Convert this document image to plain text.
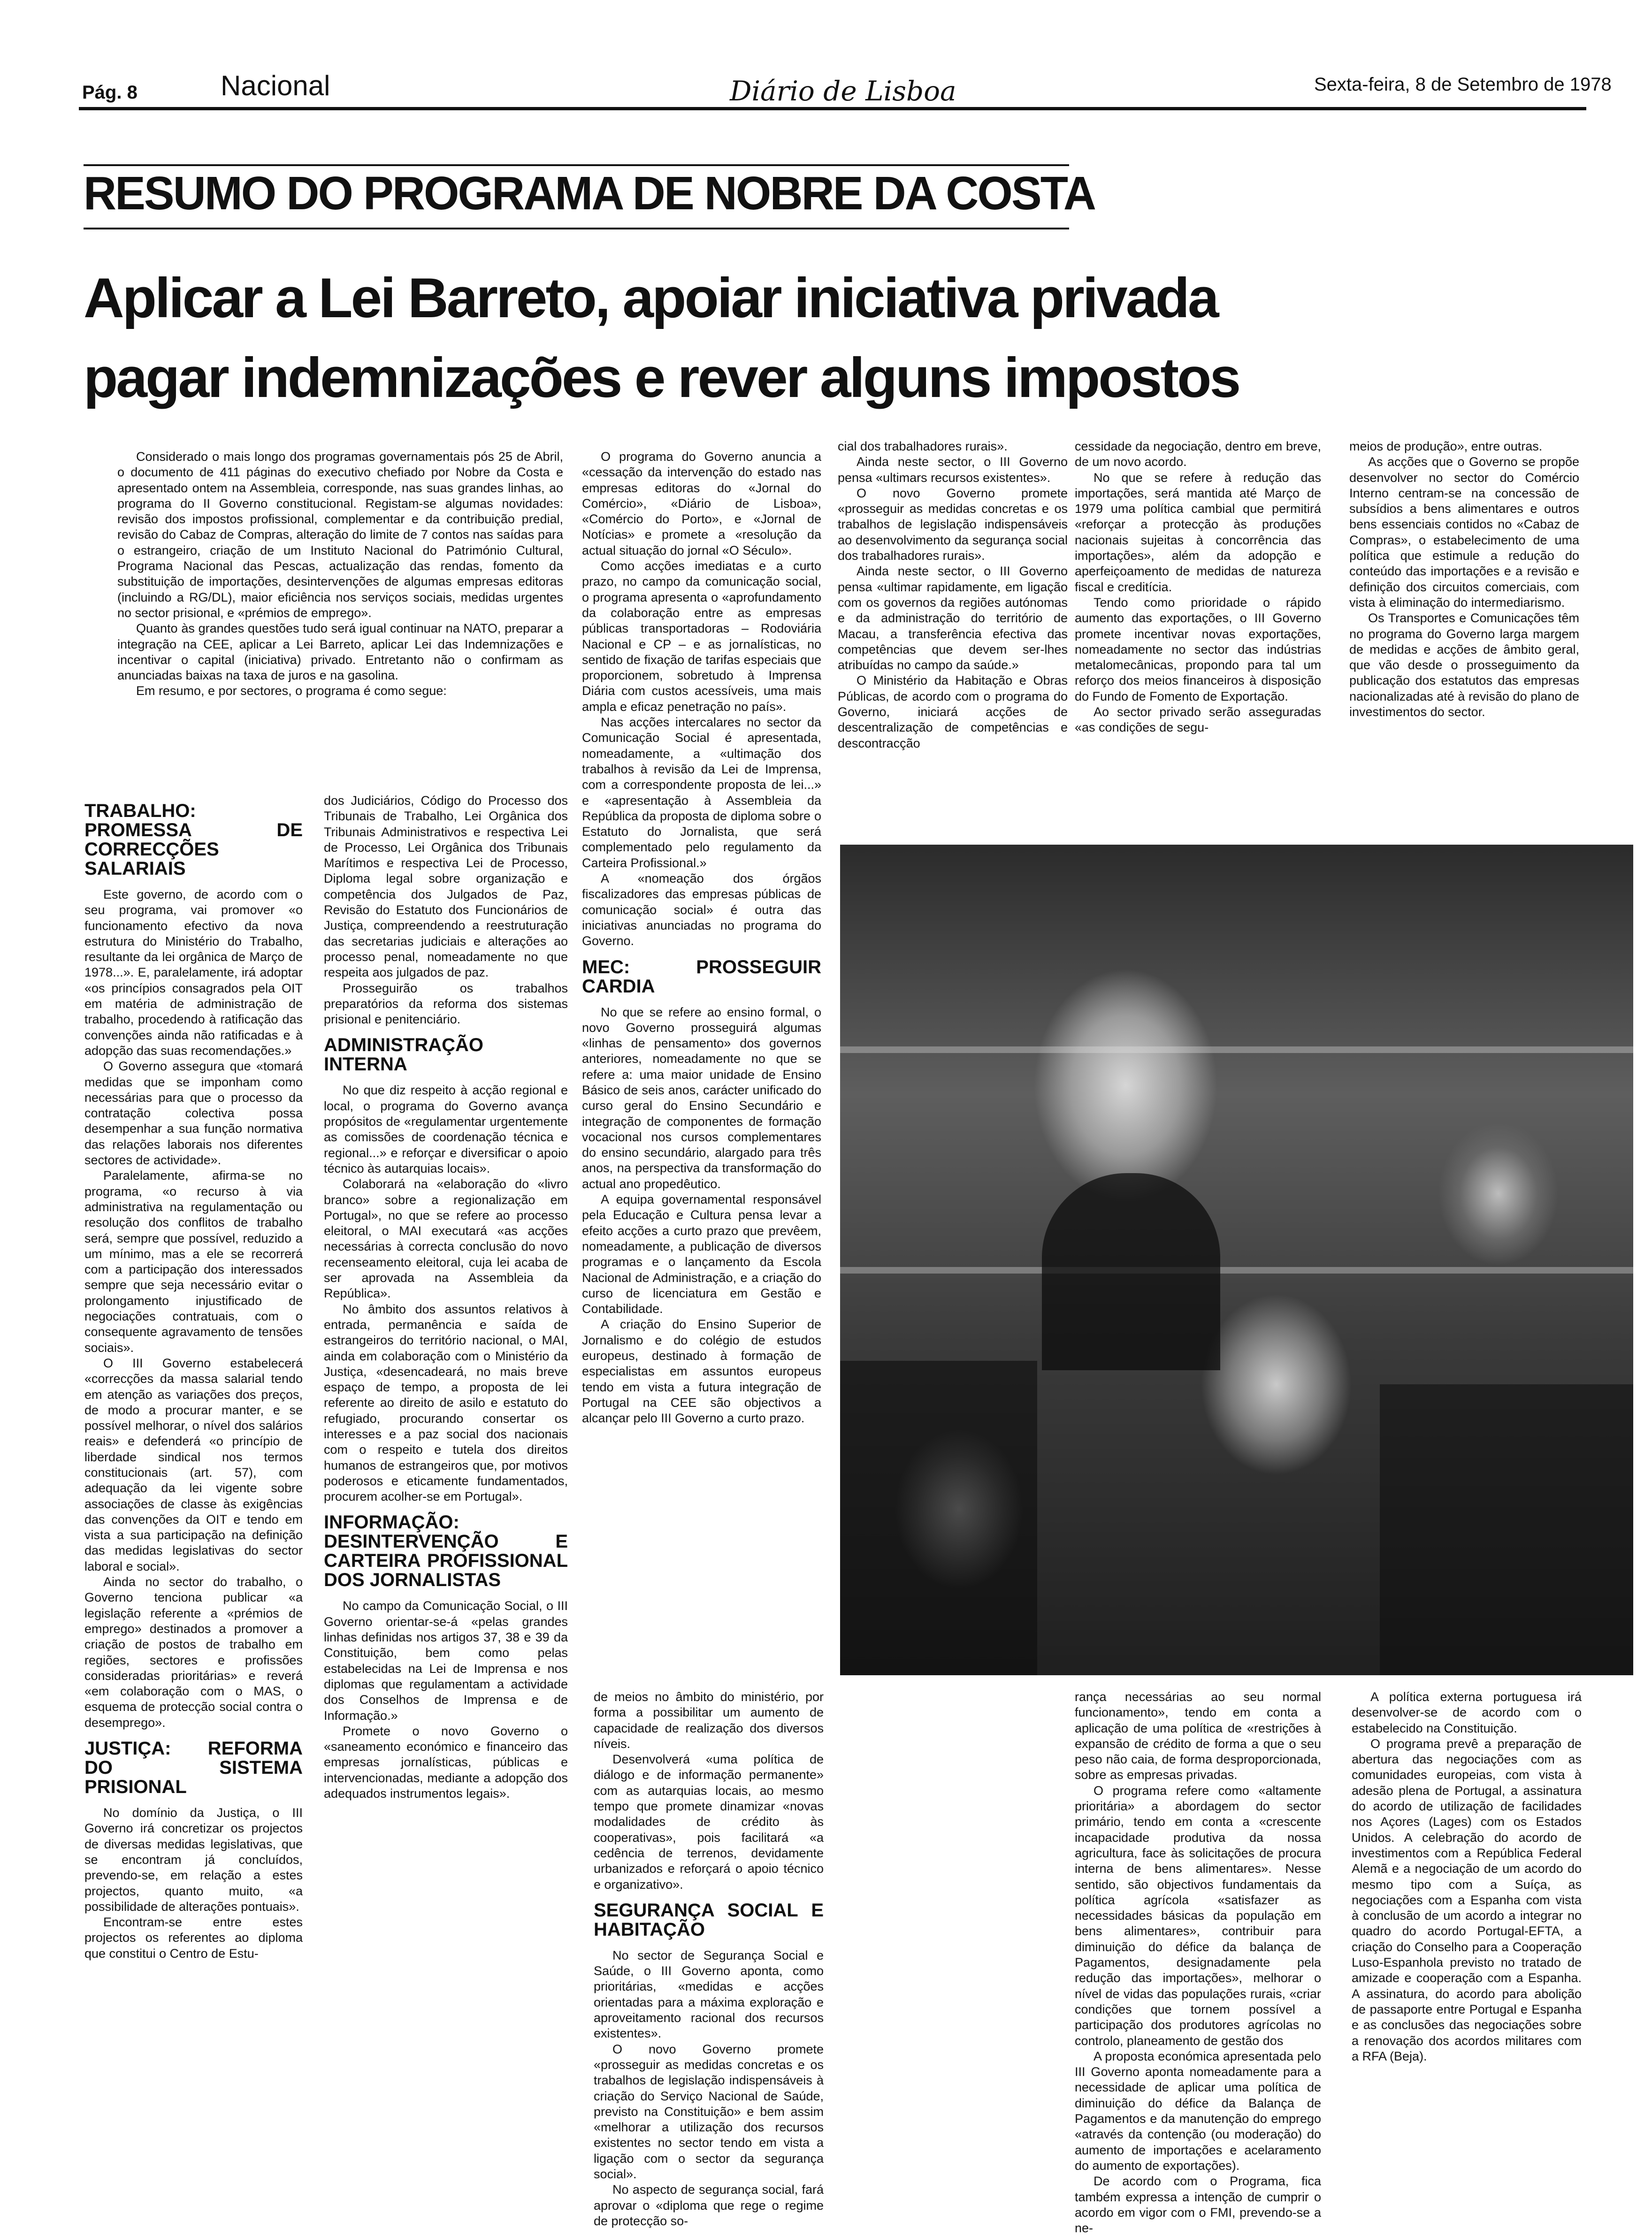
Pág. 8	Nacional	Diário de Lisboa	Sexta-feira, 8 de Setembro de 1978
RESUMO DO PROGRAMA DE NOBRE DA COSTA
Aplicar a Lei Barreto, apoiar iniciativa privada
pagar indemnizações e rever alguns impostos

Considerado o mais longo dos programas governamentais pós 25 de Abril, o documento de 411 páginas do executivo chefiado por Nobre da Costa e apresentado ontem na Assembleia, corresponde, nas suas grandes linhas, ao programa do II Governo constitucional. Registam-se algumas novidades: revisão dos impostos profissional, complementar e da contribuição predial, revisão do Cabaz de Compras, alteração do limite de 7 contos nas saídas para o estrangeiro, criação de um Instituto Nacional do Património Cultural, Programa Nacional das Pescas, actualização das rendas, fomento da substituição de importações, desintervenções de algumas empresas editoras (incluindo a RG/DL), maior eficiência nos serviços sociais, medidas urgentes no sector prisional, e «prémios de emprego».

Quanto às grandes questões tudo será igual continuar na NATO, preparar a integração na CEE, aplicar a Lei Barreto, aplicar Lei das Indemnizações e incentivar o capital (iniciativa) privado. Entretanto não o confirmam as anunciadas baixas na taxa de juros e na gasolina.

Em resumo, e por sectores, o programa é como segue:

TRABALHO: PROMESSA DE CORRECÇÕES SALARIAIS

Este governo, de acordo com o seu programa, vai promover «o funcionamento efectivo da nova estrutura do Ministério do Trabalho, resultante da lei orgânica de Março de 1978...». E, paralelamente, irá adoptar «os princípios consagrados pela OIT em matéria de administração de trabalho, procedendo à ratificação das convenções ainda não ratificadas e à adopção das suas recomendações.»

O Governo assegura que «tomará medidas que se imponham como necessárias para que o processo da contratação colectiva possa desempenhar a sua função normativa das relações laborais nos diferentes sectores de actividade».

Paralelamente, afirma-se no programa, «o recurso à via administrativa na regulamentação ou resolução dos conflitos de trabalho será, sempre que possível, reduzido a um mínimo, mas a ele se recorrerá com a participação dos interessados sempre que seja necessário evitar o prolongamento injustificado de negociações contratuais, com o consequente agravamento de tensões sociais».

O III Governo estabelecerá «correcções da massa salarial tendo em atenção as variações dos preços, de modo a procurar manter, e se possível melhorar, o nível dos salários reais» e defenderá «o princípio de liberdade sindical nos termos constitucionais (art. 57), com adequação da lei vigente sobre associações de classe às exigências das convenções da OIT e tendo em vista a sua participação na definição das medidas legislativas do sector laboral e social».

Ainda no sector do trabalho, o Governo tenciona publicar «a legislação referente a «prémios de emprego» destinados a promover a criação de postos de trabalho em regiões, sectores e profissões consideradas prioritárias» e reverá «em colaboração com o MAS, o esquema de protecção social contra o desemprego».

JUSTIÇA: REFORMA DO SISTEMA PRISIONAL

No domínio da Justiça, o III Governo irá concretizar os projectos de diversas medidas legislativas, que se encontram já concluídos, prevendo-se, em relação a estes projectos, quanto muito, «a possibilidade de alterações pontuais».

Encontram-se entre estes projectos os referentes ao diploma que constitui o Centro de Estu-

dos Judiciários, Código do Processo dos Tribunais de Trabalho, Lei Orgânica dos Tribunais Administrativos e respectiva Lei de Processo, Lei Orgânica dos Tribunais Marítimos e respectiva Lei de Processo, Diploma legal sobre organização e competência dos Julgados de Paz, Revisão do Estatuto dos Funcionários de Justiça, compreendendo a reestruturação das secretarias judiciais e alterações ao processo penal, nomeadamente no que respeita aos julgados de paz.

Prosseguirão os trabalhos preparatórios da reforma dos sistemas prisional e penitenciário.

ADMINISTRAÇÃO INTERNA

No que diz respeito à acção regional e local, o programa do Governo avança propósitos de «regulamentar urgentemente as comissões de coordenação técnica e regional...» e reforçar e diversificar o apoio técnico às autarquias locais».

Colaborará na «elaboração do «livro branco» sobre a regionalização em Portugal», no que se refere ao processo eleitoral, o MAI executará «as acções necessárias à correcta conclusão do novo recenseamento eleitoral, cuja lei acaba de ser aprovada na Assembleia da República».

No âmbito dos assuntos relativos à entrada, permanência e saída de estrangeiros do território nacional, o MAI, ainda em colaboração com o Ministério da Justiça, «desencadeará, no mais breve espaço de tempo, a proposta de lei referente ao direito de asilo e estatuto do refugiado, procurando consertar os interesses e a paz social dos nacionais com o respeito e tutela dos direitos humanos de estrangeiros que, por motivos poderosos e eticamente fundamentados, procurem acolher-se em Portugal».

INFORMAÇÃO: DESINTERVENÇÃO E CARTEIRA PROFISSIONAL DOS JORNALISTAS

No campo da Comunicação Social, o III Governo orientar-se-á «pelas grandes linhas definidas nos artigos 37, 38 e 39 da Constituição, bem como pelas estabelecidas na Lei de Imprensa e nos diplomas que regulamentam a actividade dos Conselhos de Imprensa e de Informação.»

Promete o novo Governo o «saneamento económico e financeiro das empresas jornalísticas, públicas e intervencionadas, mediante a adopção dos adequados instrumentos legais».

O programa do Governo anuncia a «cessação da intervenção do estado nas empresas editoras do «Jornal do Comércio», «Diário de Lisboa», «Comércio do Porto», e «Jornal de Notícias» e promete a «resolução da actual situação do jornal «O Século».

Como acções imediatas e a curto prazo, no campo da comunicação social, o programa apresenta o «aprofundamento da colaboração entre as empresas públicas transportadoras – Rodoviária Nacional e CP – e as jornalísticas, no sentido de fixação de tarifas especiais que proporcionem, sobretudo à Imprensa Diária com custos acessíveis, uma mais ampla e eficaz penetração no país».

Nas acções intercalares no sector da Comunicação Social é apresentada, nomeadamente, a «ultimação dos trabalhos à revisão da Lei de Imprensa, com a correspondente proposta de lei...» e «apresentação à Assembleia da República da proposta de diploma sobre o Estatuto do Jornalista, que será complementado pelo regulamento da Carteira Profissional.»

A «nomeação dos órgãos fiscalizadores das empresas públicas de comunicação social» é outra das iniciativas anunciadas no programa do Governo.

MEC: PROSSEGUIR CARDIA

No que se refere ao ensino formal, o novo Governo prosseguirá algumas «linhas de pensamento» dos governos anteriores, nomeadamente no que se refere a: uma maior unidade de Ensino Básico de seis anos, carácter unificado do curso geral do Ensino Secundário e integração de componentes de formação vocacional nos cursos complementares do ensino secundário, alargado para três anos, na perspectiva da transformação do actual ano propedêutico.

A equipa governamental responsável pela Educação e Cultura pensa levar a efeito acções a curto prazo que prevêem, nomeadamente, a publicação de diversos programas e o lançamento da Escola Nacional de Administração, e a criação do curso de licenciatura em Gestão e Contabilidade.

A criação do Ensino Superior de Jornalismo e do colégio de estudos europeus, destinado à formação de especialistas em assuntos europeus tendo em vista a futura integração de Portugal na CEE são objectivos a alcançar pelo III Governo a curto prazo.

cial dos trabalhadores rurais».

Ainda neste sector, o III Governo pensa «ultimars recursos existentes».

O novo Governo promete «prosseguir as medidas concretas e os trabalhos de legislação indispensáveis ao desenvolvimento da segurança social dos trabalhadores rurais».

Ainda neste sector, o III Governo pensa «ultimar rapidamente, em ligação com os governos da regiões autónomas e da administração do território de Macau, a transferência efectiva das competências que devem ser-lhes atribuídas no campo da saúde.»

O Ministério da Habitação e Obras Públicas, de acordo com o programa do Governo, iniciará acções de descentralização de competências e descontracção

cessidade da negociação, dentro em breve, de um novo acordo.

No que se refere à redução das importações, será mantida até Março de 1979 uma política cambial que permitirá «reforçar a protecção às produções nacionais sujeitas à concorrência das importações», além da adopção e aperfeiçoamento de medidas de natureza fiscal e creditícia.

Tendo como prioridade o rápido aumento das exportações, o III Governo promete incentivar novas exportações, nomeadamente no sector das indústrias metalomecânicas, propondo para tal um reforço dos meios financeiros à disposição do Fundo de Fomento de Exportação.

Ao sector privado serão asseguradas «as condições de segu-

meios de produção», entre outras.

As acções que o Governo se propõe desenvolver no sector do Comércio Interno centram-se na concessão de subsídios a bens alimentares e outros bens essenciais contidos no «Cabaz de Compras», o estabelecimento de uma política que estimule a redução do conteúdo das importações e a revisão e definição dos circuitos comerciais, com vista à eliminação do intermediarismo.

Os Transportes e Comunicações têm no programa do Governo larga margem de medidas e acções de âmbito geral, que vão desde o prosseguimento da publicação dos estatutos das empresas nacionalizadas até à revisão do plano de investimentos do sector.

de meios no âmbito do ministério, por forma a possibilitar um aumento de capacidade de realização dos diversos níveis.

Desenvolverá «uma política de diálogo e de informação permanente» com as autarquias locais, ao mesmo tempo que promete dinamizar «novas modalidades de crédito às cooperativas», pois facilitará «a cedência de terrenos, devidamente urbanizados e reforçará o apoio técnico e organizativo».

SEGURANÇA SOCIAL E HABITAÇÃO

No sector de Segurança Social e Saúde, o III Governo aponta, como prioritárias, «medidas e acções orientadas para a máxima exploração e aproveitamento racional dos recursos existentes».

O novo Governo promete «prosseguir as medidas concretas e os trabalhos de legislação indispensáveis à criação do Serviço Nacional de Saúde, previsto na Constituição» e bem assim «melhorar a utilização dos recursos existentes no sector tendo em vista a ligação com o sector da segurança social».

No aspecto de segurança social, fará aprovar o «diploma que rege o regime de protecção so-

rança necessárias ao seu normal funcionamento», tendo em conta a aplicação de uma política de «restrições à expansão de crédito de forma a que o seu peso não caia, de forma desproporcionada, sobre as empresas privadas.

O programa refere como «altamente prioritária» a abordagem do sector primário, tendo em conta a «crescente incapacidade produtiva da nossa agricultura, face às solicitações de procura interna de bens alimentares». Nesse sentido, são objectivos fundamentais da política agrícola «satisfazer as necessidades básicas da população em bens alimentares», contribuir para diminuição do défice da balança de Pagamentos, designadamente pela redução das importações», melhorar o nível de vidas das populações rurais, «criar condições que tornem possível a participação dos produtores agrícolas no controlo, planeamento de gestão dos

A proposta económica apresentada pelo III Governo aponta nomeadamente para a necessidade de aplicar uma política de diminuição do défice da Balança de Pagamentos e da manutenção do emprego «através da contenção (ou moderação) do aumento de importações e acelaramento do aumento de exportações).

De acordo com o Programa, fica também expressa a intenção de cumprir o acordo em vigor com o FMI, prevendo-se a ne-

A política externa portuguesa irá desenvolver-se de acordo com o estabelecido na Constituição.

O programa prevê a preparação de abertura das negociações com as comunidades europeias, com vista à adesão plena de Portugal, a assinatura do acordo de utilização de facilidades nos Açores (Lages) com os Estados Unidos. A celebração do acordo de investimentos com a República Federal Alemã e a negociação de um acordo do mesmo tipo com a Suíça, as negociações com a Espanha com vista à conclusão de um acordo a integrar no quadro do acordo Portugal-EFTA, a criação do Conselho para a Cooperação Luso-Espanhola previsto no tratado de amizade e cooperação com a Espanha. A assinatura, do acordo para abolição de passaporte entre Portugal e Espanha e as conclusões das negociações sobre a renovação dos acordos militares com a RFA (Beja).
